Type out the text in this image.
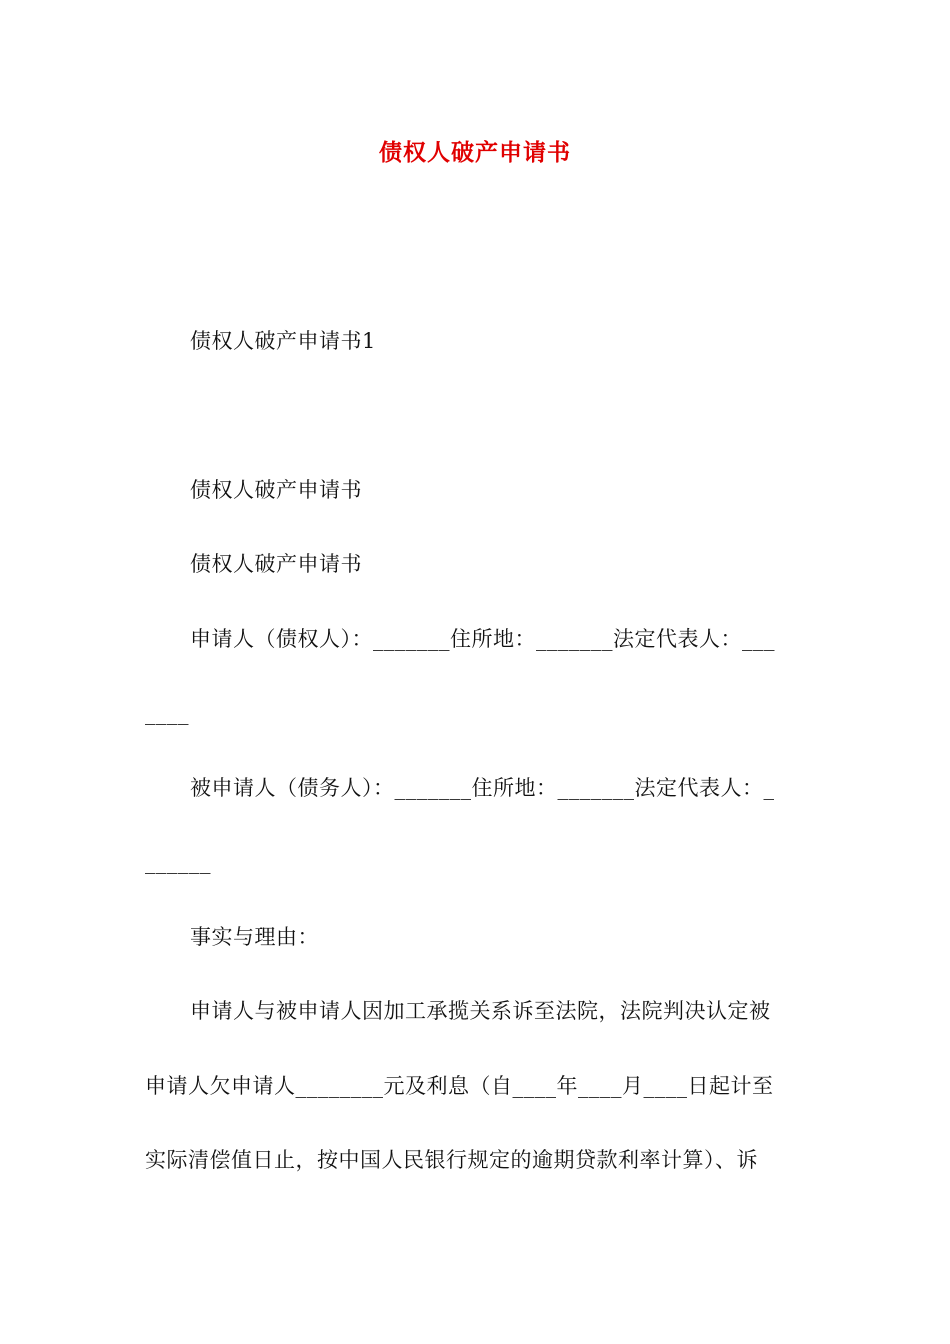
债权人破产申请书
债权人破产申请书1
债权人破产申请书
债权人破产申请书
申请人（债权人）：_______住所地：_______法定代表人：___
____
被申请人（债务人）：_______住所地：_______法定代表人：_
______
事实与理由：
申请人与被申请人因加工承揽关系诉至法院，法院判决认定被
申请人欠申请人________元及利息（自____年____月____日起计至
实际清偿值日止，按中国人民银行规定的逾期贷款利率计算）、诉
